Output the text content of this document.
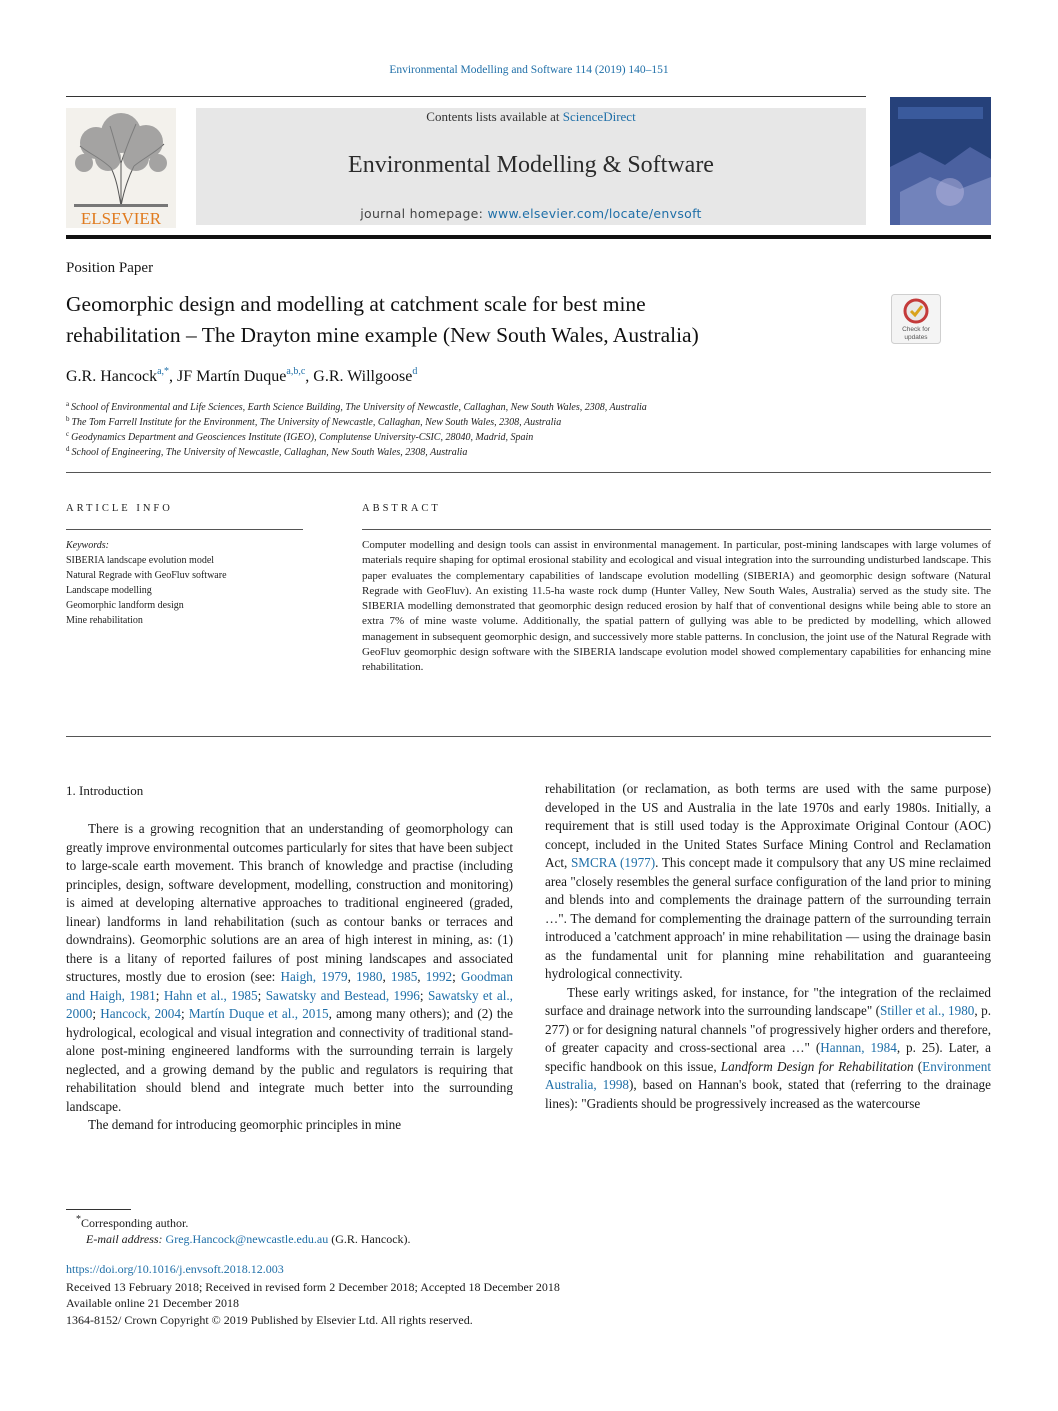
Environmental Modelling and Software 114 (2019) 140–151
ELSEVIER
Contents lists available at ScienceDirect
Environmental Modelling & Software
journal homepage: www.elsevier.com/locate/envsoft
Position Paper
Geomorphic design and modelling at catchment scale for best mine
rehabilitation – The Drayton mine example (New South Wales, Australia)	Check for
updates
G.R. Hancock$^{a,*}$, JF Martín Duque$^{a,b,c}$, G.R. Willgoose$^d$
$^a$ School of Environmental and Life Sciences, Earth Science Building, The University of Newcastle, Callaghan, New South Wales, 2308, Australia
$^b$ The Tom Farrell Institute for the Environment, The University of Newcastle, Callaghan, New South Wales, 2308, Australia
$^c$ Geodynamics Department and Geosciences Institute (IGEO), Complutense University-CSIC, 28040, Madrid, Spain
$^d$ School of Engineering, The University of Newcastle, Callaghan, New South Wales, 2308, Australia
ARTICLE INFO
Keywords:
SIBERIA landscape evolution model
Natural Regrade with GeoFluv software
Landscape modelling
Geomorphic landform design
Mine rehabilitation
ABSTRACT
Computer modelling and design tools can assist in environmental management. In particular, post-mining landscapes with large volumes of materials require shaping for optimal erosional stability and ecological and visual integration into the surrounding undisturbed landscape. This paper evaluates the complementary capabilities of landscape evolution modelling (SIBERIA) and geomorphic design software (Natural Regrade with GeoFluv). An existing 11.5-ha waste rock dump (Hunter Valley, New South Wales, Australia) served as the study site. The SIBERIA modelling demonstrated that geomorphic design reduced erosion by half that of conventional designs while being able to store an extra 7% of mine waste volume. Additionally, the spatial pattern of gullying was able to be predicted by modelling, which allowed management in subsequent geomorphic design, and successively more stable patterns. In conclusion, the joint use of the Natural Regrade with GeoFluv geomorphic design software with the SIBERIA landscape evolution model showed complementary capabilities for enhancing mine rehabilitation.
1. Introduction

There is a growing recognition that an understanding of geomorphology can greatly improve environmental outcomes particularly for sites that have been subject to large-scale earth movement. This branch of knowledge and practise (including principles, design, software development, modelling, construction and monitoring) is aimed at developing alternative approaches to traditional engineered (graded, linear) landforms in land rehabilitation (such as contour banks or terraces and downdrains). Geomorphic solutions are an area of high interest in mining, as: (1) there is a litany of reported failures of post mining landscapes and associated structures, mostly due to erosion (see: Haigh, 1979, 1980, 1985, 1992; Goodman and Haigh, 1981; Hahn et al., 1985; Sawatsky and Bestead, 1996; Sawatsky et al., 2000; Hancock, 2004; Martín Duque et al., 2015, among many others); and (2) the hydrological, ecological and visual integration and connectivity of traditional stand-alone post-mining engineered landforms with the surrounding terrain is largely neglected, and a growing demand by the public and regulators is requiring that rehabilitation should blend and integrate much better into the surrounding landscape.

The demand for introducing geomorphic principles in mine

rehabilitation (or reclamation, as both terms are used with the same purpose) developed in the US and Australia in the late 1970s and early 1980s. Initially, a requirement that is still used today is the Approximate Original Contour (AOC) concept, included in the United States Surface Mining Control and Reclamation Act, SMCRA (1977). This concept made it compulsory that any US mine reclaimed area "closely resembles the general surface configuration of the land prior to mining and blends into and complements the drainage pattern of the surrounding terrain …". The demand for complementing the drainage pattern of the surrounding terrain introduced a 'catchment approach' in mine rehabilitation — using the drainage basin as the fundamental unit for planning mine rehabilitation and guaranteeing hydrological connectivity.

These early writings asked, for instance, for "the integration of the reclaimed surface and drainage network into the surrounding landscape" (Stiller et al., 1980, p. 277) or for designing natural channels "of progressively higher orders and therefore, of greater capacity and cross-sectional area …" (Hannan, 1984, p. 25). Later, a specific handbook on this issue, Landform Design for Rehabilitation (Environment Australia, 1998), based on Hannan's book, stated that (referring to the drainage lines): "Gradients should be progressively increased as the watercourse

*Corresponding author.
E-mail address: Greg.Hancock@newcastle.edu.au (G.R. Hancock).
https://doi.org/10.1016/j.envsoft.2018.12.003
Received 13 February 2018; Received in revised form 2 December 2018; Accepted 18 December 2018
Available online 21 December 2018
1364-8152/ Crown Copyright © 2019 Published by Elsevier Ltd. All rights reserved.
